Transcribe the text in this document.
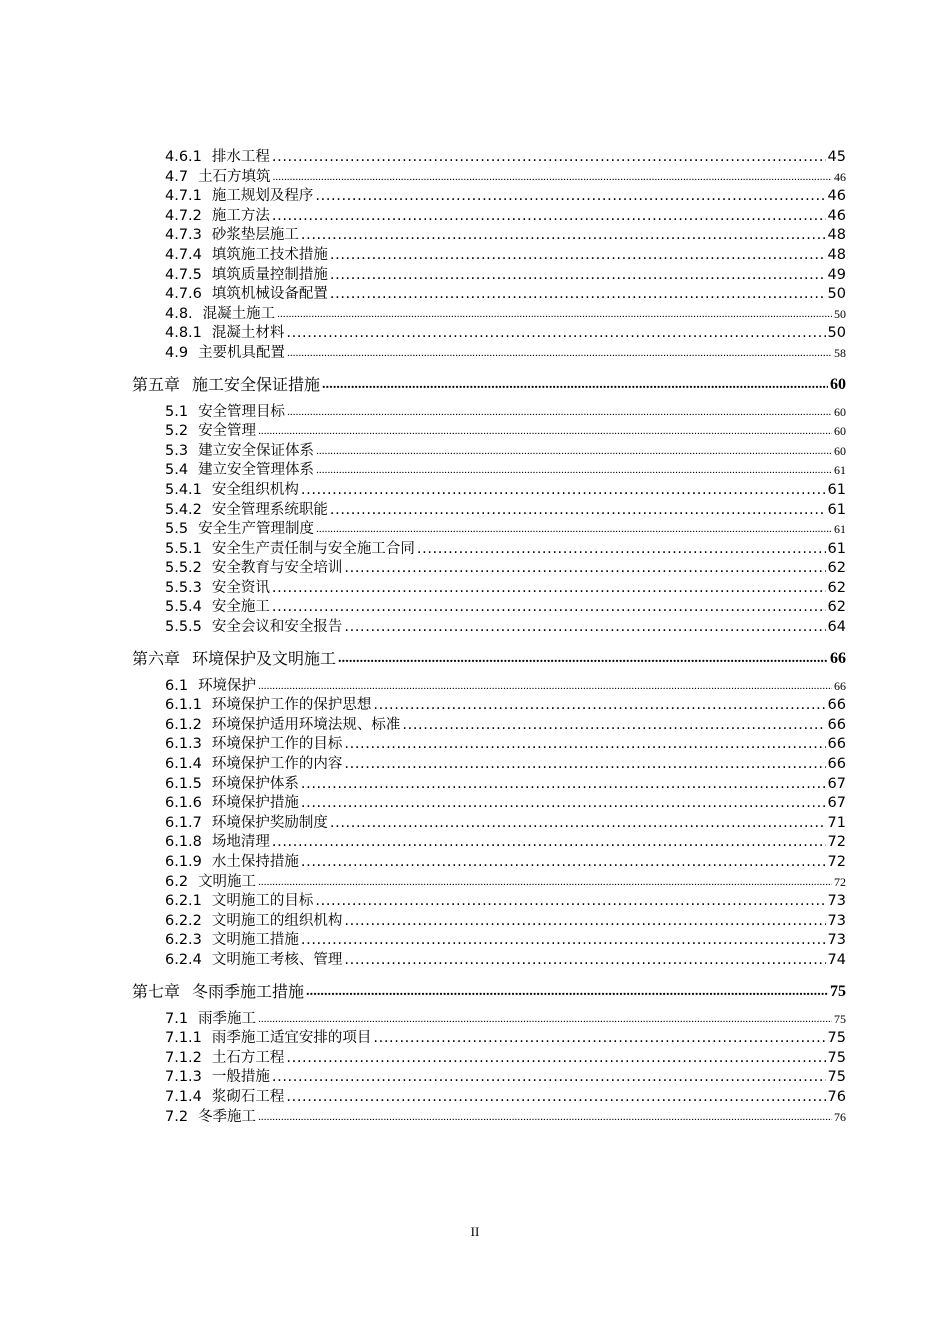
4.6.1 排水工程 .....	45
4.7 土石方填筑 .....	46
4.7.1 施工规划及程序 .....	46
4.7.2 施工方法 .....	46
4.7.3 砂浆垫层施工 .....	48
4.7.4 填筑施工技术措施 .....	48
4.7.5 填筑质量控制措施 .....	49
4.7.6 填筑机械设备配置 .....	50
4.8. 混凝土施工 .....	50
4.8.1 混凝土材料 .....	50
4.9 主要机具配置 .....	58
第五章 施工安全保证措施 .....	60
5.1 安全管理目标 .....	60
5.2 安全管理 .....	60
5.3 建立安全保证体系 .....	60
5.4 建立安全管理体系 .....	61
5.4.1 安全组织机构 .....	61
5.4.2 安全管理系统职能 .....	61
5.5 安全生产管理制度 .....	61
5.5.1 安全生产责任制与安全施工合同 .....	61
5.5.2 安全教育与安全培训 .....	62
5.5.3 安全资讯 .....	62
5.5.4 安全施工 .....	62
5.5.5 安全会议和安全报告 .....	64
第六章 环境保护及文明施工 .....	66
6.1 环境保护 .....	66
6.1.1 环境保护工作的保护思想 .....	66
6.1.2 环境保护适用环境法规、标准 .....	66
6.1.3 环境保护工作的目标 .....	66
6.1.4 环境保护工作的内容 .....	66
6.1.5 环境保护体系 .....	67
6.1.6 环境保护措施 .....	67
6.1.7 环境保护奖励制度 .....	71
6.1.8 场地清理 .....	72
6.1.9 水土保持措施 .....	72
6.2 文明施工 .....	72
6.2.1 文明施工的目标 .....	73
6.2.2 文明施工的组织机构 .....	73
6.2.3 文明施工措施 .....	73
6.2.4 文明施工考核、管理 .....	74
第七章 冬雨季施工措施 .....	75
7.1 雨季施工 .....	75
7.1.1 雨季施工适宜安排的项目 .....	75
7.1.2 土石方工程 .....	75
7.1.3 一般措施 .....	75
7.1.4 浆砌石工程 .....	76
7.2 冬季施工 .....	76
II
